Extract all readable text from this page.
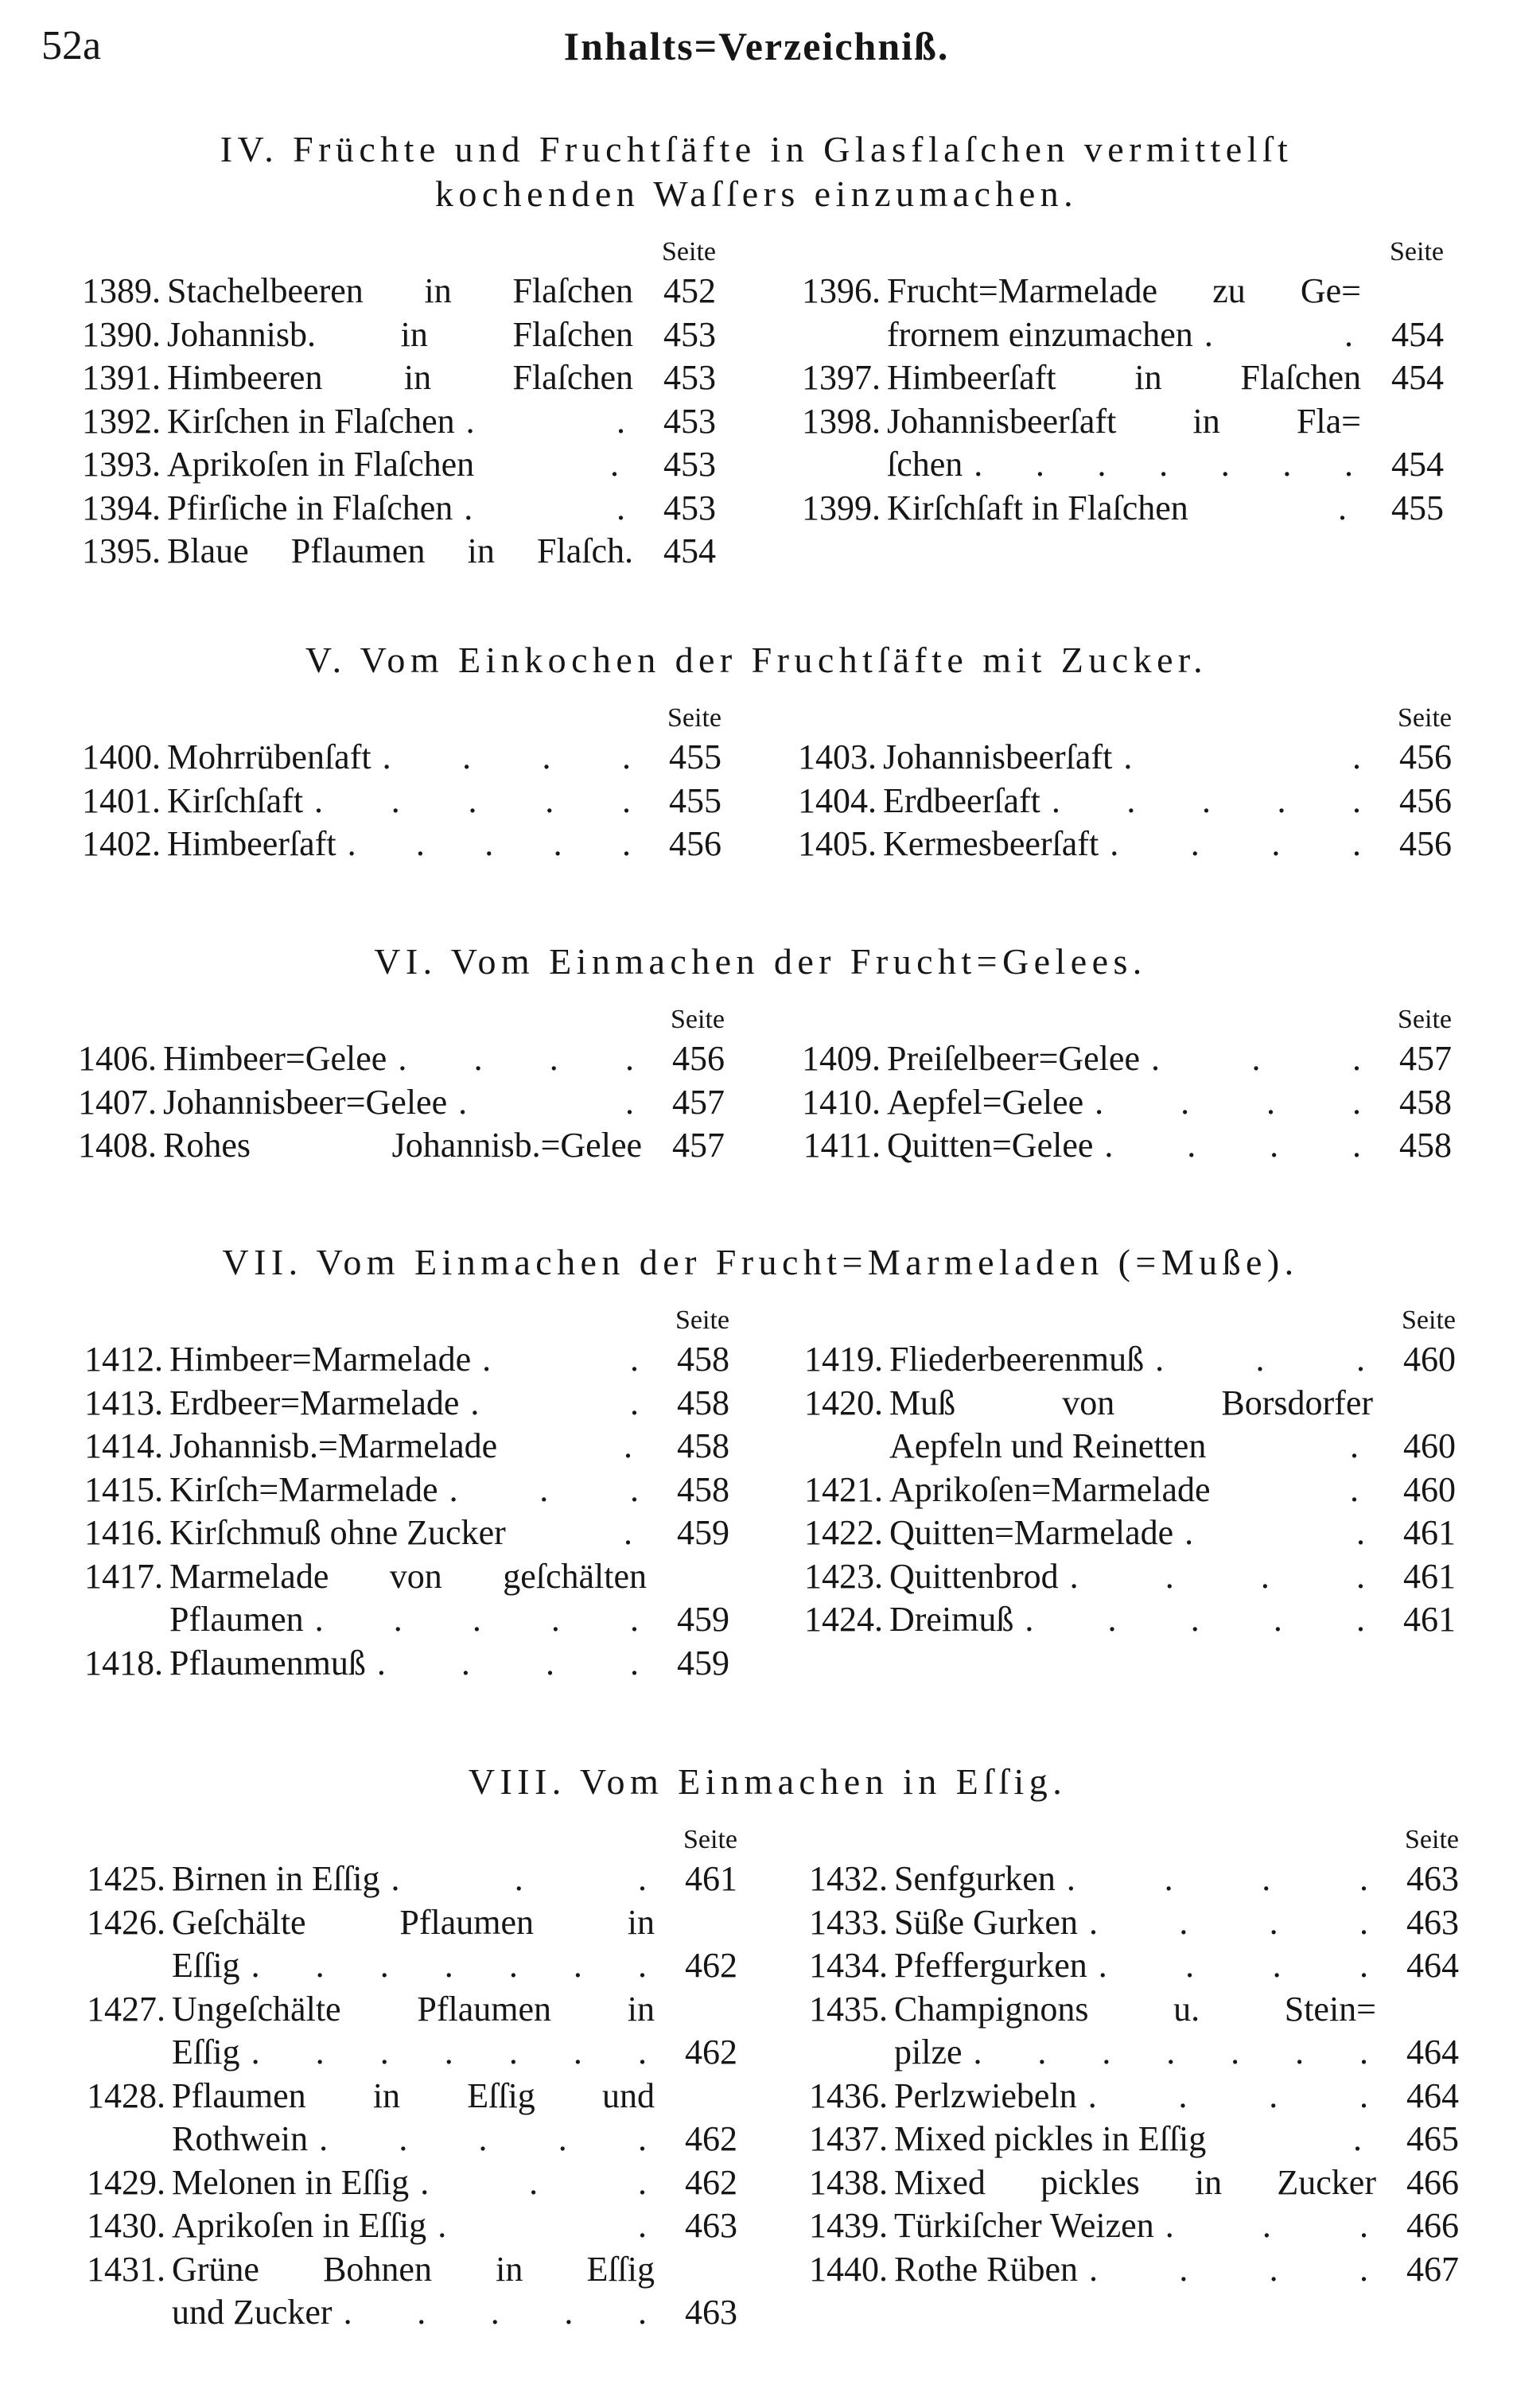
52a	Inhalts=Verzeichniß.
IV. Früchte und Fruchtſäfte in Glasflaſchen vermittelſt
kochenden Waſſers einzumachen.
Seite
1389. Stachelbeeren in Flaſchen 452
1390. Johannisb. in Flaſchen 453
1391. Himbeeren in Flaſchen 453
1392. Kirſchen in Flaſchen . .	453
1393. Aprikoſen in Flaſchen	.	453
1394. Pfirſiche in Flaſchen . .	453
1395. Blaue Pflaumen in Flaſch. 454
Seite
1396. Frucht=Marmelade zu Ge=
frornem einzumachen . .	454
1397. Himbeerſaft in Flaſchen 454
1398. Johannisbeerſaft in Fla=
ſchen . . . . . . .	454
1399. Kirſchſaft in Flaſchen	.	455
V. Vom Einkochen der Fruchtſäfte mit Zucker.
Seite
1400. Mohrrübenſaft . . . .	455
1401. Kirſchſaft . . . . .	455
1402. Himbeerſaft . . . . .	456
Seite
1403. Johannisbeerſaft . .	456
1404. Erdbeerſaft . . . . .	456
1405. Kermesbeerſaft . . . .	456
VI. Vom Einmachen der Frucht=Gelees.
Seite
1406. Himbeer=Gelee . . . .	456
1407. Johannisbeer=Gelee . .	457
1408. Rohes Johannisb.=Gelee 457
Seite
1409. Preiſelbeer=Gelee . . .	457
1410. Aepfel=Gelee . . . .	458
1411. Quitten=Gelee . . . .	458
VII. Vom Einmachen der Frucht=Marmeladen (=Muße).
Seite
1412. Himbeer=Marmelade . .	458
1413. Erdbeer=Marmelade . .	458
1414. Johannisb.=Marmelade	.	458
1415. Kirſch=Marmelade . . .	458
1416. Kirſchmuß ohne Zucker	.	459
1417. Marmelade von geſchälten
Pflaumen . . . . .	459
1418. Pflaumenmuß . . . .	459
Seite
1419. Fliederbeerenmuß . . .	460
1420. Muß von Borsdorfer
Aepfeln und Reinetten	.	460
1421. Aprikoſen=Marmelade	.	460
1422. Quitten=Marmelade . .	461
1423. Quittenbrod . . . .	461
1424. Dreimuß . . . . .	461
VIII. Vom Einmachen in Eſſig.
Seite
1425. Birnen in Eſſig . . .	461
1426. Geſchälte Pflaumen in
Eſſig . . . . . . .	462
1427. Ungeſchälte Pflaumen in
Eſſig . . . . . . .	462
1428. Pflaumen in Eſſig und
Rothwein . . . . .	462
1429. Melonen in Eſſig . . .	462
1430. Aprikoſen in Eſſig . .	463
1431. Grüne Bohnen in Eſſig
und Zucker . . . . .	463
Seite
1432. Senfgurken . . . .	463
1433. Süße Gurken . . . .	463
1434. Pfeffergurken . . . .	464
1435. Champignons u. Stein=
pilze . . . . . . .	464
1436. Perlzwiebeln . . . .	464
1437. Mixed pickles in Eſſig	.	465
1438. Mixed pickles in Zucker 466
1439. Türkiſcher Weizen . . .	466
1440. Rothe Rüben . . . .	467
